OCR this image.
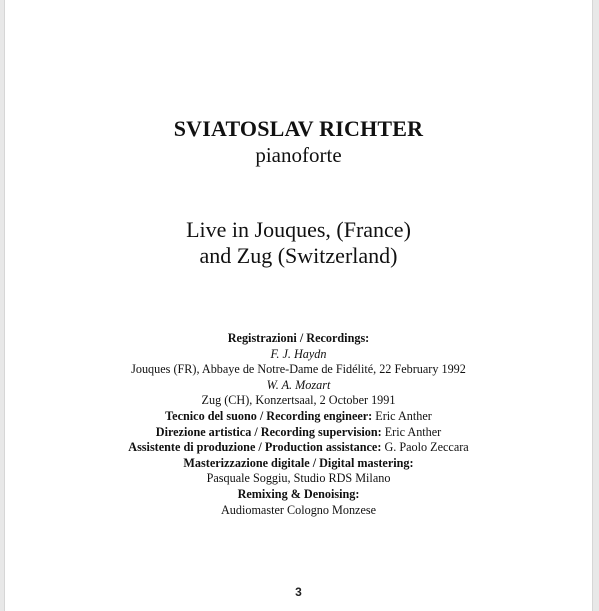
SVIATOSLAV RICHTER
pianoforte
Live in Jouques, (France)
and Zug (Switzerland)
Registrazioni / Recordings:
F. J. Haydn
Jouques (FR), Abbaye de Notre-Dame de Fidélité, 22 February 1992
W. A. Mozart
Zug (CH), Konzertsaal, 2 October 1991
Tecnico del suono / Recording engineer: Eric Anther
Direzione artistica / Recording supervision: Eric Anther
Assistente di produzione / Production assistance: G. Paolo Zeccara
Masterizzazione digitale / Digital mastering:
Pasquale Soggiu, Studio RDS Milano
Remixing & Denoising:
Audiomaster Cologno Monzese
3
